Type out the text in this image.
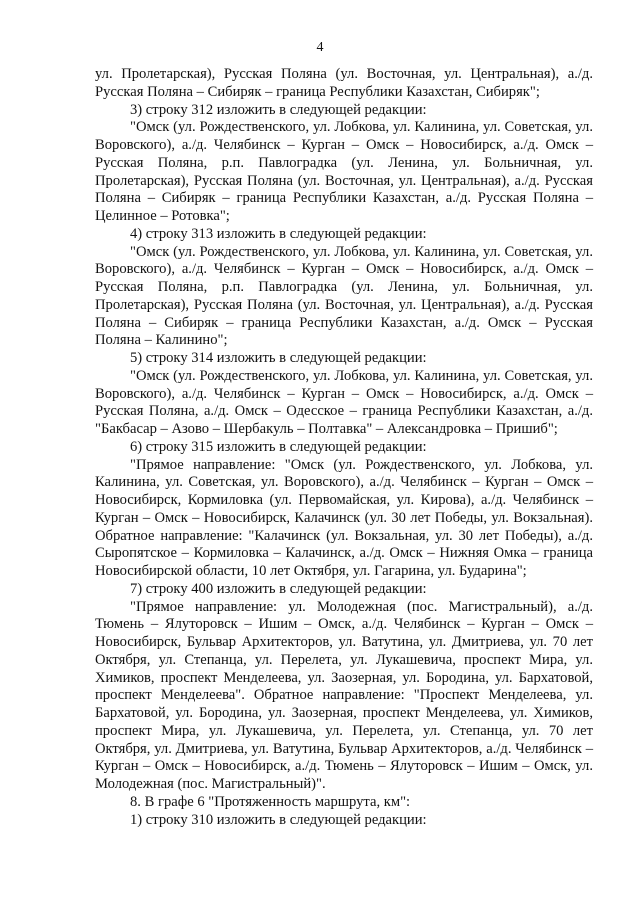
4

ул. Пролетарская), Русская Поляна (ул. Восточная, ул. Центральная), а./д. Русская Поляна – Сибиряк – граница Республики Казахстан, Сибиряк";

3) строку 312 изложить в следующей редакции:

"Омск (ул. Рождественского, ул. Лобкова, ул. Калинина, ул. Советская, ул. Воровского), а./д. Челябинск – Курган – Омск – Новосибирск, а./д. Омск – Русская Поляна, р.п. Павлоградка (ул. Ленина, ул. Больничная, ул. Пролетарская), Русская Поляна (ул. Восточная, ул. Центральная), а./д. Русская Поляна – Сибиряк – граница Республики Казахстан, а./д. Русская Поляна – Целинное – Ротовка";

4) строку 313 изложить в следующей редакции:

"Омск (ул. Рождественского, ул. Лобкова, ул. Калинина, ул. Советская, ул. Воровского), а./д. Челябинск – Курган – Омск – Новосибирск, а./д. Омск – Русская Поляна, р.п. Павлоградка (ул. Ленина, ул. Больничная, ул. Пролетарская), Русская Поляна (ул. Восточная, ул. Центральная), а./д. Русская Поляна – Сибиряк – граница Республики Казахстан, а./д. Омск – Русская Поляна – Калинино";

5) строку 314 изложить в следующей редакции:

"Омск (ул. Рождественского, ул. Лобкова, ул. Калинина, ул. Советская, ул. Воровского), а./д. Челябинск – Курган – Омск – Новосибирск, а./д. Омск – Русская Поляна, а./д. Омск – Одесское – граница Республики Казахстан, а./д. "Бакбасар – Азово – Шербакуль – Полтавка" – Александровка – Пришиб";

6) строку 315 изложить в следующей редакции:

"Прямое направление: "Омск (ул. Рождественского, ул. Лобкова, ул. Калинина, ул. Советская, ул. Воровского), а./д. Челябинск – Курган – Омск – Новосибирск, Кормиловка (ул. Первомайская, ул. Кирова), а./д. Челябинск – Курган – Омск – Новосибирск, Калачинск (ул. 30 лет Победы, ул. Вокзальная). Обратное направление: "Калачинск (ул. Вокзальная, ул. 30 лет Победы), а./д. Сыропятское – Кормиловка – Калачинск, а./д. Омск – Нижняя Омка – граница Новосибирской области, 10 лет Октября, ул. Гагарина, ул. Бударина";

7) строку 400 изложить в следующей редакции:

"Прямое направление: ул. Молодежная (пос. Магистральный), а./д. Тюмень – Ялуторовск – Ишим – Омск, а./д. Челябинск – Курган – Омск – Новосибирск, Бульвар Архитекторов, ул. Ватутина, ул. Дмитриева, ул. 70 лет Октября, ул. Степанца, ул. Перелета, ул. Лукашевича, проспект Мира, ул. Химиков, проспект Менделеева, ул. Заозерная, ул. Бородина, ул. Бархатовой, проспект Менделеева". Обратное направление: "Проспект Менделеева, ул. Бархатовой, ул. Бородина, ул. Заозерная, проспект Менделеева, ул. Химиков, проспект Мира, ул. Лукашевича, ул. Перелета, ул. Степанца, ул. 70 лет Октября, ул. Дмитриева, ул. Ватутина, Бульвар Архитекторов, а./д. Челябинск – Курган – Омск – Новосибирск, а./д. Тюмень – Ялуторовск – Ишим – Омск, ул. Молодежная (пос. Магистральный)".

8. В графе 6 "Протяженность маршрута, км":

1) строку 310 изложить в следующей редакции:
